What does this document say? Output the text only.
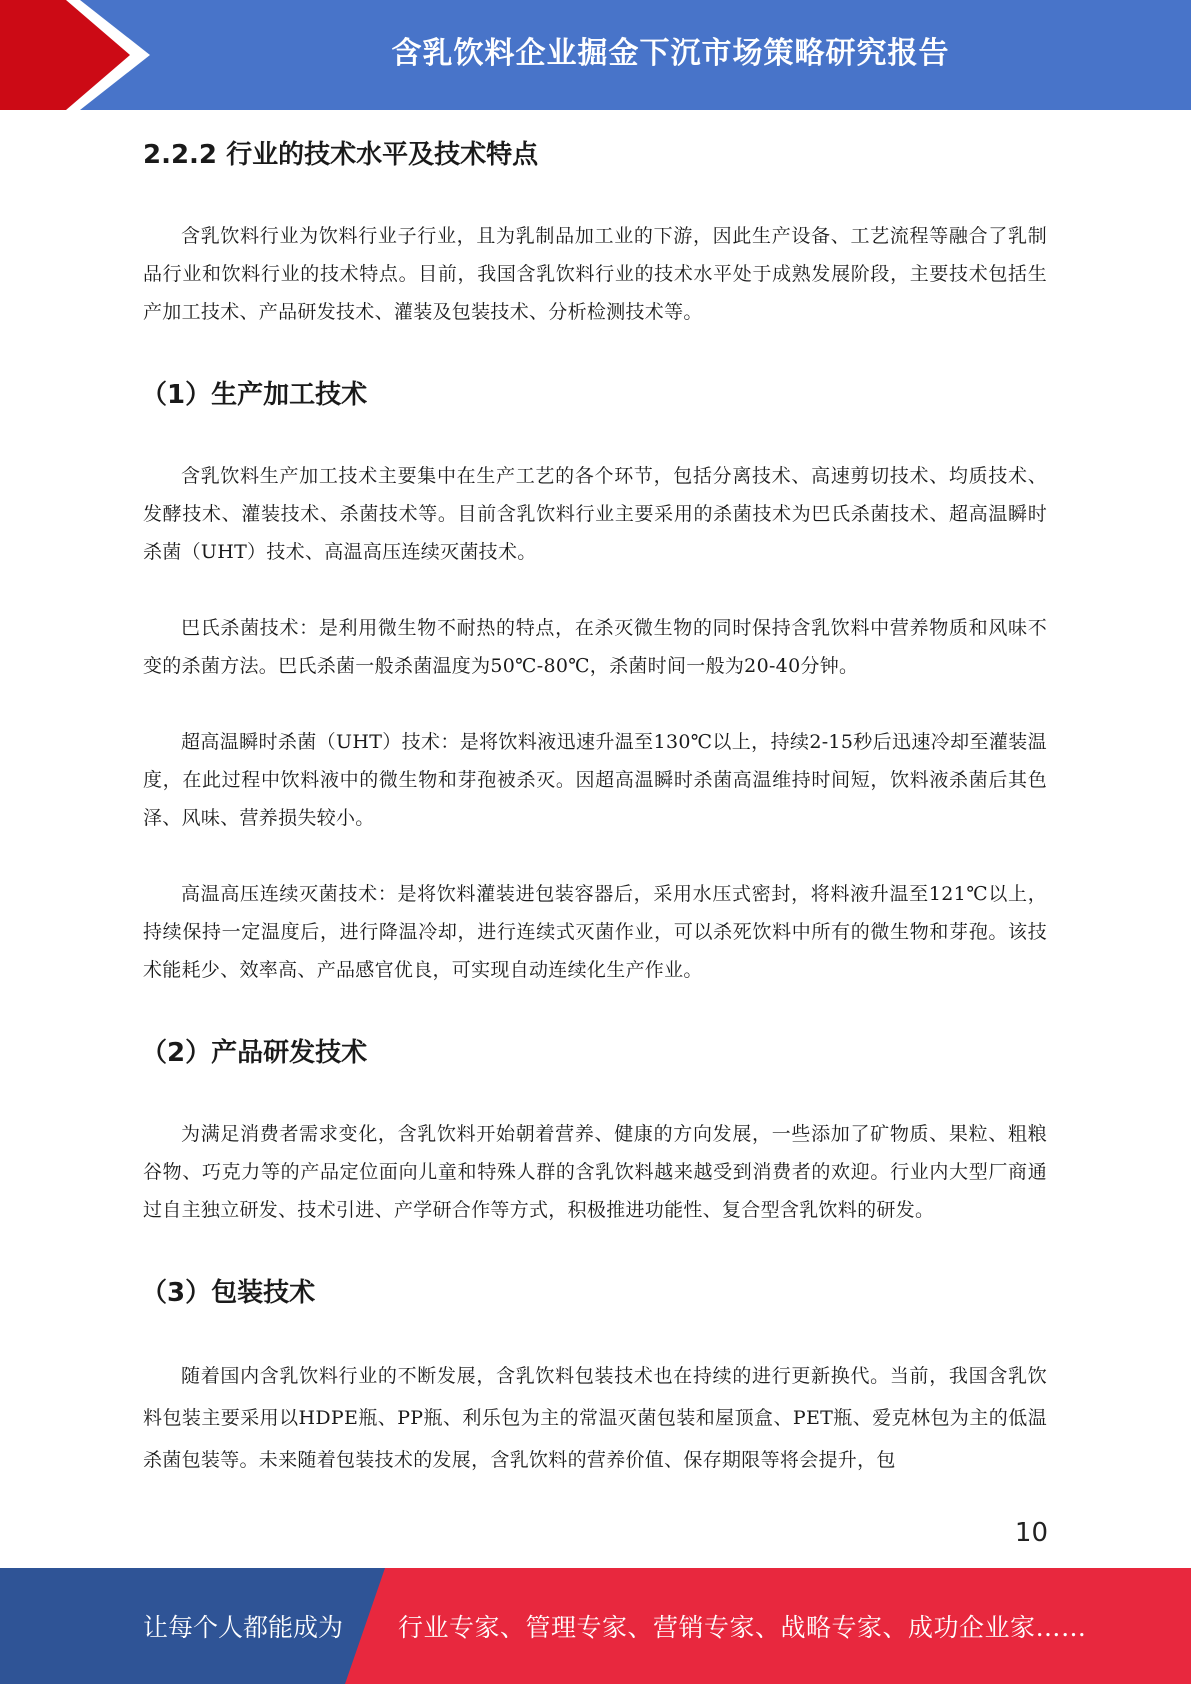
含乳饮料企业掘金下沉市场策略研究报告
2.2.2 行业的技术水平及技术特点

含乳饮料行业为饮料行业子行业，且为乳制品加工业的下游，因此生产设备、工艺流程等融合了乳制品行业和饮料行业的技术特点。目前，我国含乳饮料行业的技术水平处于成熟发展阶段，主要技术包括生产加工技术、产品研发技术、灌装及包装技术、分析检测技术等。

（1）生产加工技术

含乳饮料生产加工技术主要集中在生产工艺的各个环节，包括分离技术、高速剪切技术、均质技术、发酵技术、灌装技术、杀菌技术等。目前含乳饮料行业主要采用的杀菌技术为巴氏杀菌技术、超高温瞬时杀菌（UHT）技术、高温高压连续灭菌技术。

巴氏杀菌技术：是利用微生物不耐热的特点，在杀灭微生物的同时保持含乳饮料中营养物质和风味不变的杀菌方法。巴氏杀菌一般杀菌温度为50℃-80℃，杀菌时间一般为20-40分钟。

超高温瞬时杀菌（UHT）技术：是将饮料液迅速升温至130℃以上，持续2-15秒后迅速冷却至灌装温度，在此过程中饮料液中的微生物和芽孢被杀灭。因超高温瞬时杀菌高温维持时间短，饮料液杀菌后其色泽、风味、营养损失较小。

高温高压连续灭菌技术：是将饮料灌装进包装容器后，采用水压式密封，将料液升温至121℃以上，持续保持一定温度后，进行降温冷却，进行连续式灭菌作业，可以杀死饮料中所有的微生物和芽孢。该技术能耗少、效率高、产品感官优良，可实现自动连续化生产作业。

（2）产品研发技术

为满足消费者需求变化，含乳饮料开始朝着营养、健康的方向发展，一些添加了矿物质、果粒、粗粮谷物、巧克力等的产品定位面向儿童和特殊人群的含乳饮料越来越受到消费者的欢迎。行业内大型厂商通过自主独立研发、技术引进、产学研合作等方式，积极推进功能性、复合型含乳饮料的研发。

（3）包装技术

随着国内含乳饮料行业的不断发展，含乳饮料包装技术也在持续的进行更新换代。当前，我国含乳饮料包装主要采用以HDPE瓶、PP瓶、利乐包为主的常温灭菌包装和屋顶盒、PET瓶、爱克林包为主的低温杀菌包装等。未来随着包装技术的发展，含乳饮料的营养价值、保存期限等将会提升，包

10
让每个人都能成为 行业专家、管理专家、营销专家、战略专家、成功企业家……
